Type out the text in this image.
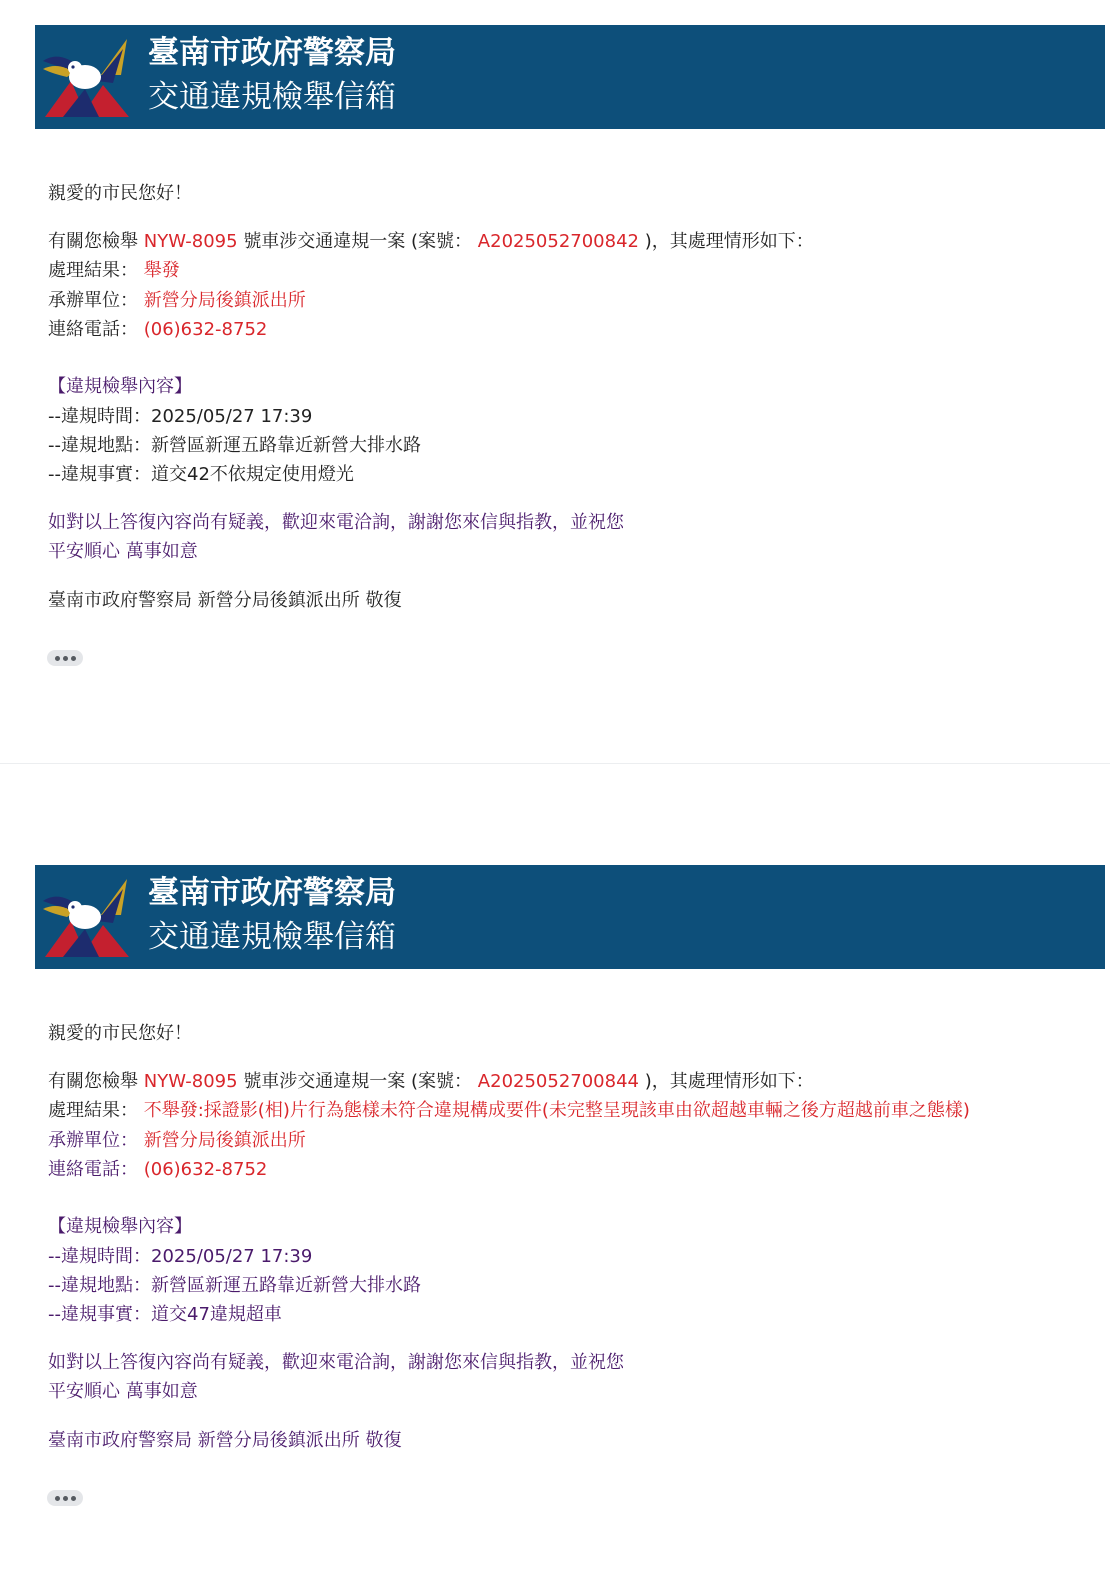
臺南市政府警察局
交通違規檢舉信箱
親愛的市民您好！
有關您檢舉 NYW-8095 號車涉交通違規一案 (案號： A2025052700842 )，其處理情形如下：
處理結果： 舉發
承辦單位： 新營分局後鎮派出所
連絡電話： (06)632-8752
【違規檢舉內容】
--違規時間：2025/05/27 17:39
--違規地點：新營區新運五路靠近新營大排水路
--違規事實：道交42不依規定使用燈光
如對以上答復內容尚有疑義，歡迎來電洽詢，謝謝您來信與指教，並祝您
平安順心 萬事如意
臺南市政府警察局 新營分局後鎮派出所 敬復
臺南市政府警察局
交通違規檢舉信箱
親愛的市民您好！
有關您檢舉 NYW-8095 號車涉交通違規一案 (案號： A2025052700844 )，其處理情形如下：
處理結果： 不舉發:採證影(相)片行為態樣未符合違規構成要件(未完整呈現該車由欲超越車輛之後方超越前車之態樣)
承辦單位： 新營分局後鎮派出所
連絡電話： (06)632-8752
【違規檢舉內容】
--違規時間：2025/05/27 17:39
--違規地點：新營區新運五路靠近新營大排水路
--違規事實：道交47違規超車
如對以上答復內容尚有疑義，歡迎來電洽詢，謝謝您來信與指教，並祝您
平安順心 萬事如意
臺南市政府警察局 新營分局後鎮派出所 敬復
